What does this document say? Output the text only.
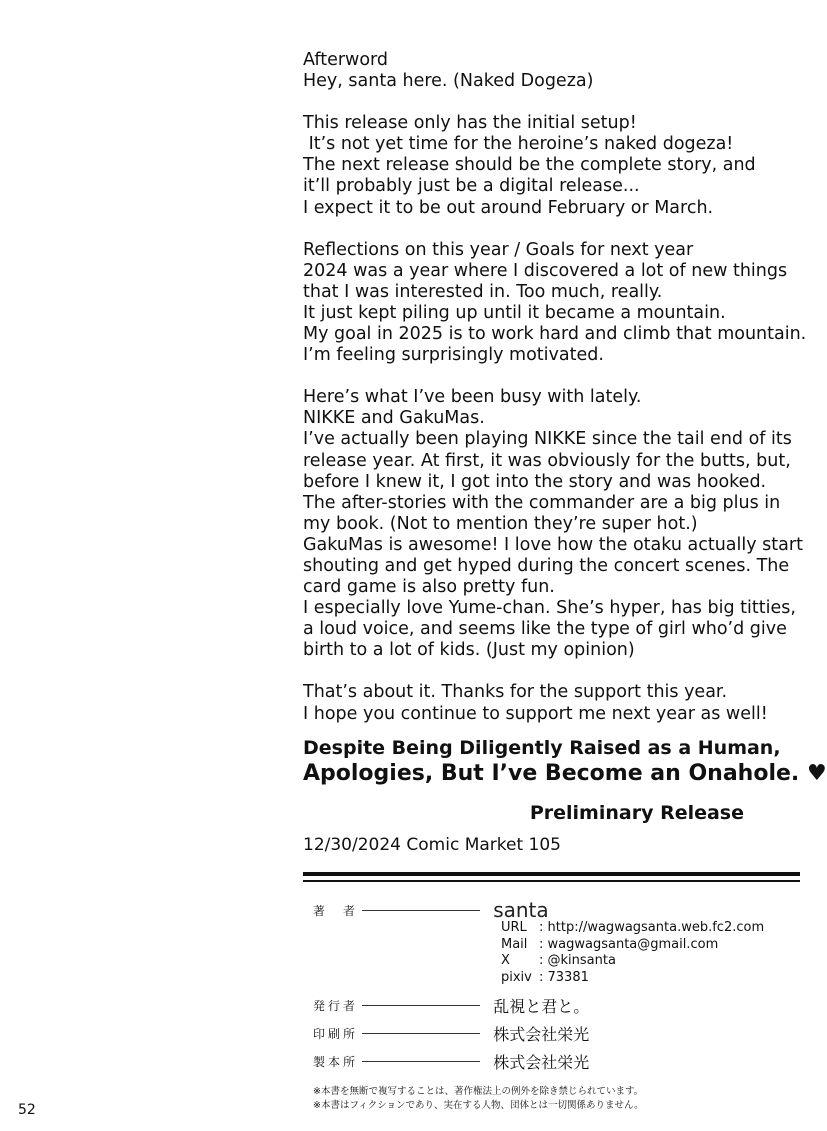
Afterword
Hey, santa here. (Naked Dogeza)
This release only has the initial setup!
It’s not yet time for the heroine’s naked dogeza!
The next release should be the complete story, and
it’ll probably just be a digital release...
I expect it to be out around February or March.
Reflections on this year / Goals for next year
2024 was a year where I discovered a lot of new things
that I was interested in. Too much, really.
It just kept piling up until it became a mountain.
My goal in 2025 is to work hard and climb that mountain.
I’m feeling surprisingly motivated.
Here’s what I’ve been busy with lately.
NIKKE and GakuMas.
I’ve actually been playing NIKKE since the tail end of its
release year. At first, it was obviously for the butts, but,
before I knew it, I got into the story and was hooked.
The after-stories with the commander are a big plus in
my book. (Not to mention they’re super hot.)
GakuMas is awesome! I love how the otaku actually start
shouting and get hyped during the concert scenes. The
card game is also pretty fun.
I especially love Yume-chan. She’s hyper, has big titties,
a loud voice, and seems like the type of girl who’d give
birth to a lot of kids. (Just my opinion)
That’s about it. Thanks for the support this year.
I hope you continue to support me next year as well!
Despite Being Diligently Raised as a Human,
Apologies, But I’ve Become an Onahole. ♥
Preliminary Release
12/30/2024 Comic Market 105
著　者	santa
URL : http://wagwagsanta.web.fc2.com
Mail : wagwagsanta@gmail.com
X : @kinsanta
pixiv : 73381
発行者	乱視と君と。
印刷所	株式会社栄光
製本所	株式会社栄光
※本書を無断で複写することは、著作権法上の例外を除き禁じられています。
※本書はフィクションであり、実在する人物、団体とは一切関係ありません。
52
